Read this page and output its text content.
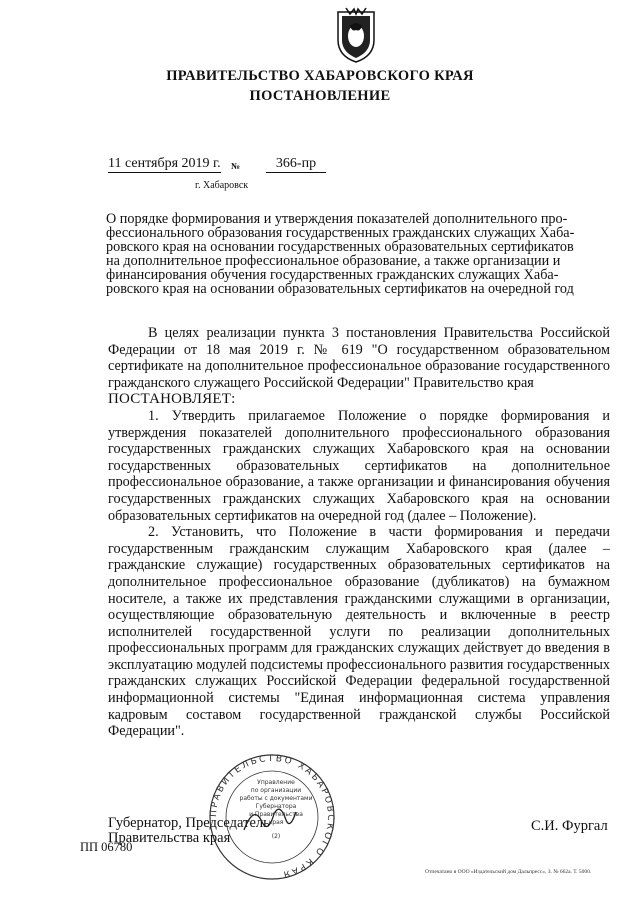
ПРАВИТЕЛЬСТВО ХАБАРОВСКОГО КРАЯ
ПОСТАНОВЛЕНИЕ
11 сентября 2019 г. №	366-пр
г. Хабаровск
О порядке формирования и утверждения показателей дополнительного про-
фессионального образования государственных гражданских служащих Хаба-
ровского края на основании государственных образовательных сертификатов
на дополнительное профессиональное образование, а также организации и
финансирования обучения государственных гражданских служащих Хаба-
ровского края на основании образовательных сертификатов на очередной год

В целях реализации пункта 3 постановления Правительства Российской Федерации от 18 мая 2019 г. № 619 "О государственном образовательном сертификате на дополнительное профессиональное образование государственного гражданского служащего Российской Федерации" Правительство края

ПОСТАНОВЛЯЕТ:

1. Утвердить прилагаемое Положение о порядке формирования и утверждения показателей дополнительного профессионального образования государственных гражданских служащих Хабаровского края на основании государственных образовательных сертификатов на дополнительное профессиональное образование, а также организации и финансирования обучения государственных гражданских служащих Хабаровского края на основании образовательных сертификатов на очередной год (далее – Положение).

2. Установить, что Положение в части формирования и передачи государственным гражданским служащим Хабаровского края (далее – гражданские служащие) государственных образовательных сертификатов на дополнительное профессиональное образование (дубликатов) на бумажном носителе, а также их представления гражданскими служащими в организации, осуществляющие образовательную деятельность и включенные в реестр исполнителей государственной услуги по реализации дополнительных профессиональных программ для гражданских служащих действует до введения в эксплуатацию модулей подсистемы профессионального развития государственных гражданских служащих Российской Федерации федеральной государственной информационной системы "Единая информационная система управления кадровым составом государственной гражданской службы Российской Федерации".

ПРАВИТЕЛЬСТВО ХАБАРОВСКОГО КРАЯ
Управление
по организации
работы с документами
Губернатора
и Правительства
края
(2)
Губернатор, Председатель
Правительства края
С.И. Фургал
ПП 06780
Отпечатано в ООО «Издательский дом Дальпресс», З. № 662а. Т. 5000.
